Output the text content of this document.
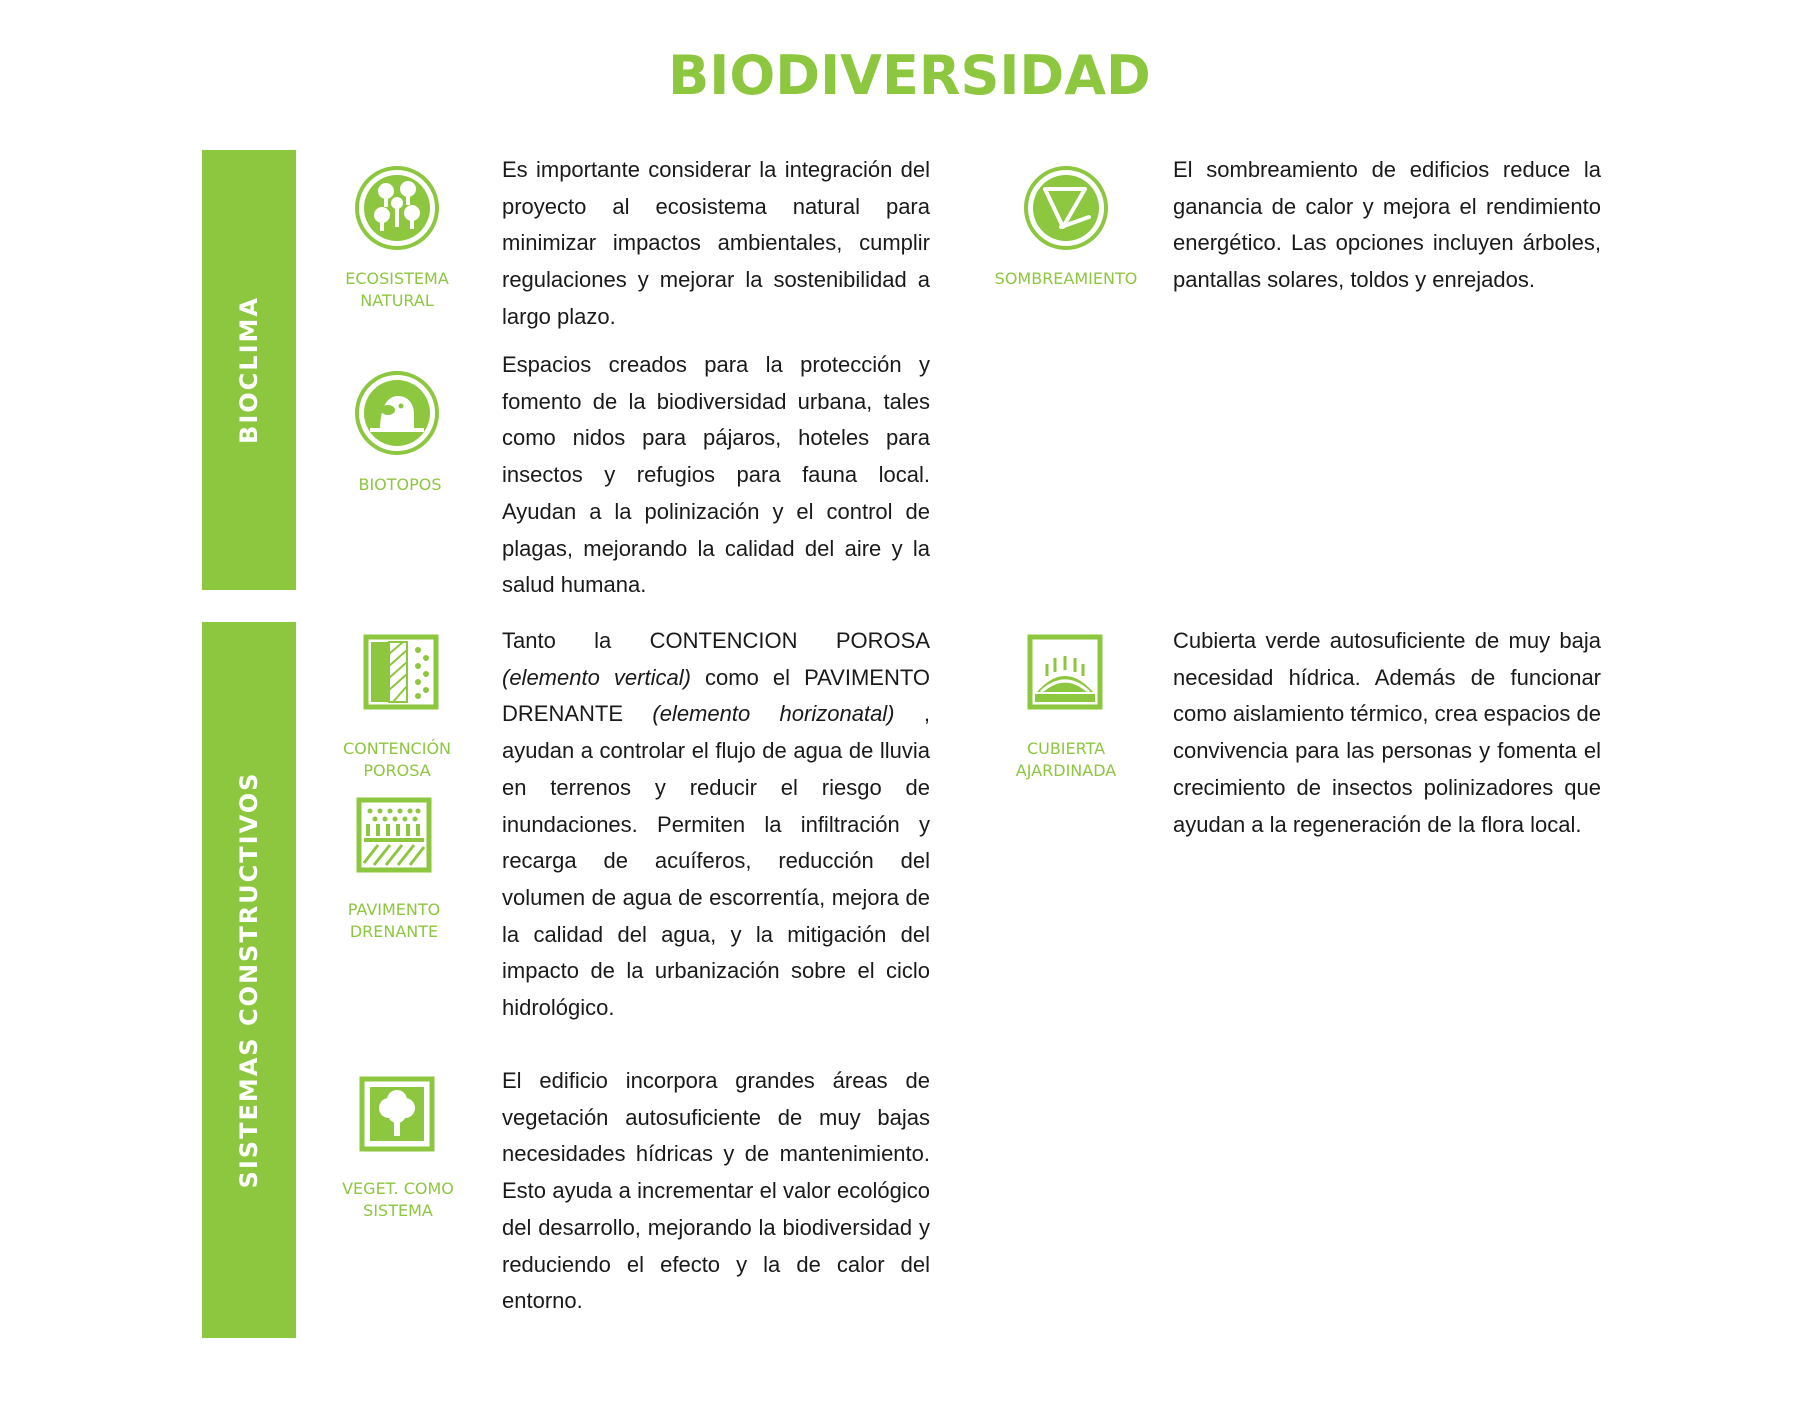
BIODIVERSIDAD
BIOCLIMA
SISTEMAS CONSTRUCTIVOS
ECOSISTEMA
NATURAL
Es importante considerar la integración del proyecto al ecosistema natural para minimizar impactos ambientales, cumplir regulaciones y mejorar la sostenibilidad a largo plazo.
SOMBREAMIENTO
El sombreamiento de edificios reduce la ganancia de calor y mejora el rendimiento energético. Las opciones incluyen árboles, pantallas solares, toldos y enrejados.
BIOTOPOS
Espacios creados para la protección y fomento de la biodiversidad urbana, tales como nidos para pájaros, hoteles para insectos y refugios para fauna local. Ayudan a la polinización y el control de plagas, mejorando la calidad del aire y la salud humana.
CONTENCIÓN
POROSA
Tanto la CONTENCION POROSA (elemento vertical) como el PAVIMENTO DRENANTE (elemento horizonatal) , ayudan a controlar el flujo de agua de lluvia en terrenos y reducir el riesgo de inundaciones. Permiten la infiltración y recarga de acuíferos, reducción del volumen de agua de escorrentía, mejora de la calidad del agua, y la mitigación del impacto de la urbanización sobre el ciclo hidrológico.
PAVIMENTO
DRENANTE
CUBIERTA
AJARDINADA
Cubierta verde autosuficiente de muy baja necesidad hídrica. Además de funcionar como aislamiento térmico, crea espacios de convivencia para las personas y fomenta el crecimiento de insectos polinizadores que ayudan a la regeneración de la flora local.
VEGET. COMO
SISTEMA
El edificio incorpora grandes áreas de vegetación autosuficiente de muy bajas necesidades hídricas y de mantenimiento. Esto ayuda a incrementar el valor ecológico del desarrollo, mejorando la biodiversidad y reduciendo el efecto y la de calor del entorno.
